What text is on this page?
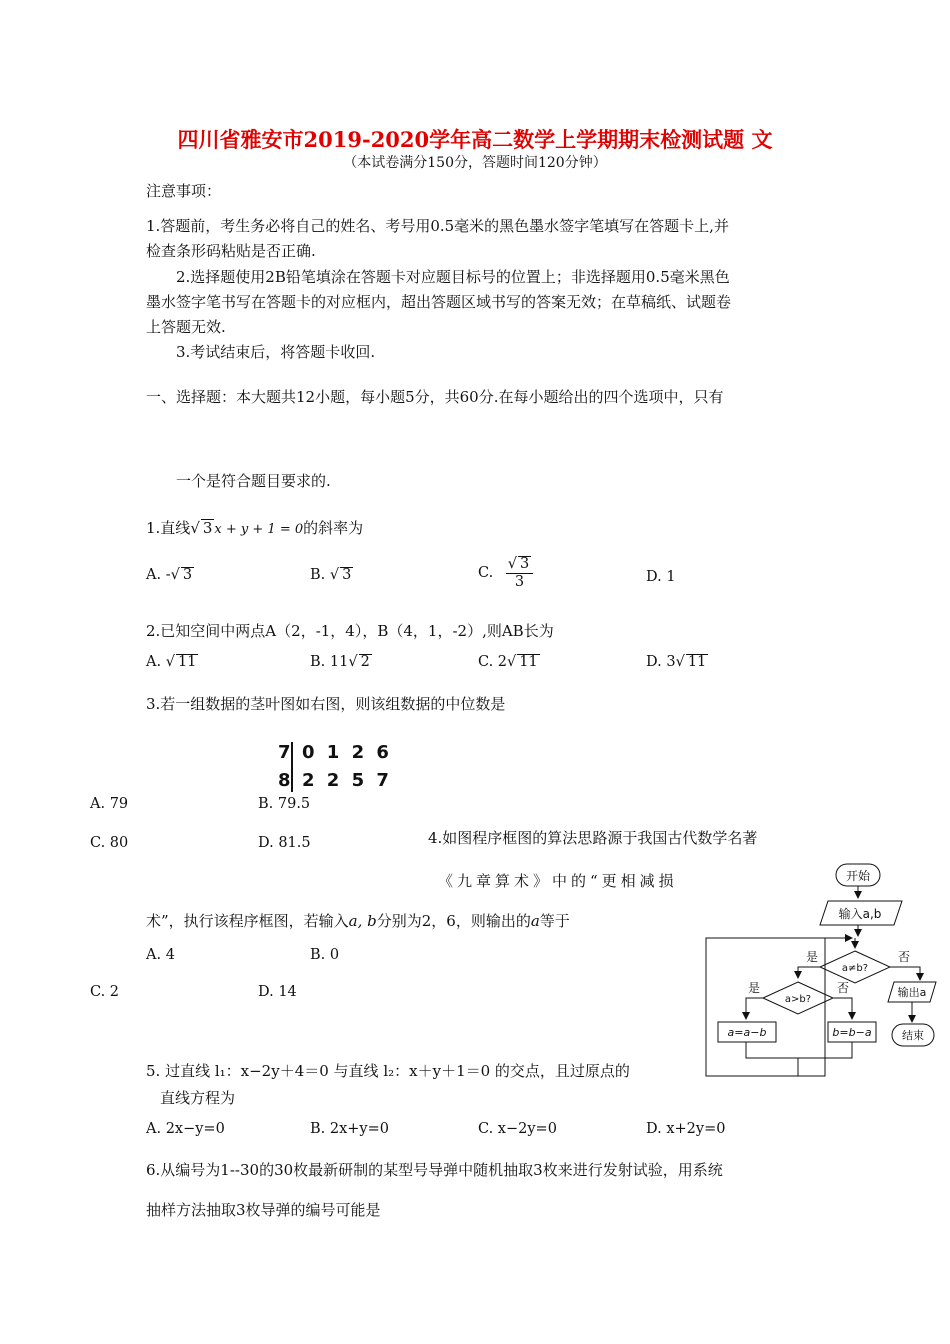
四川省雅安市2019-2020学年高二数学上学期期末检测试题 文
（本试卷满分150分，答题时间120分钟）
注意事项：
1.答题前，考生务必将自己的姓名、考号用0.5毫米的黑色墨水签字笔填写在答题卡上,并
检查条形码粘贴是否正确.
2.选择题使用2B铅笔填涂在答题卡对应题目标号的位置上；非选择题用0.5毫米黑色
墨水签字笔书写在答题卡的对应框内，超出答题区域书写的答案无效；在草稿纸、试题卷
上答题无效.
3.考试结束后，将答题卡收回.
一、选择题：本大题共12小题，每小题5分，共60分.在每小题给出的四个选项中，只有
一个是符合题目要求的.
1.直线√ 3 x + y + 1 = 0的斜率为
A. -√ 3	B. √ 3	C. $\frac{√ 3}{3}$	D. 1
2.已知空间中两点A（2，-1，4），B（4，1，-2）,则AB长为
A. √ 11	B. 11√ 2	C. 2√ 11	D. 3√ 11
3.若一组数据的茎叶图如右图，则该组数据的中位数是
7 0 1 2 6
8 2 2 5 7
A. 79	B. 79.5
C. 80	D. 81.5	4.如图程序框图的算法思路源于我国古代数学名著
《九章算术》中的“更相减损
术”，执行该程序框图，若输入a, b分别为2，6，则输出的a等于
A. 4	B. 0
C. 2	D. 14
开始
输入a,b
a≠b?
是	否
输出a
结束
a>b?
是	否
a=a−b	b=b−a
5. 过直线 l₁：x−2y＋4＝0 与直线 l₂：x＋y＋1＝0 的交点，且过原点的
直线方程为
A. 2x−y=0	B. 2x+y=0	C. x−2y=0	D. x+2y=0
6.从编号为1--30的30枚最新研制的某型号导弹中随机抽取3枚来进行发射试验，用系统
抽样方法抽取3枚导弹的编号可能是
